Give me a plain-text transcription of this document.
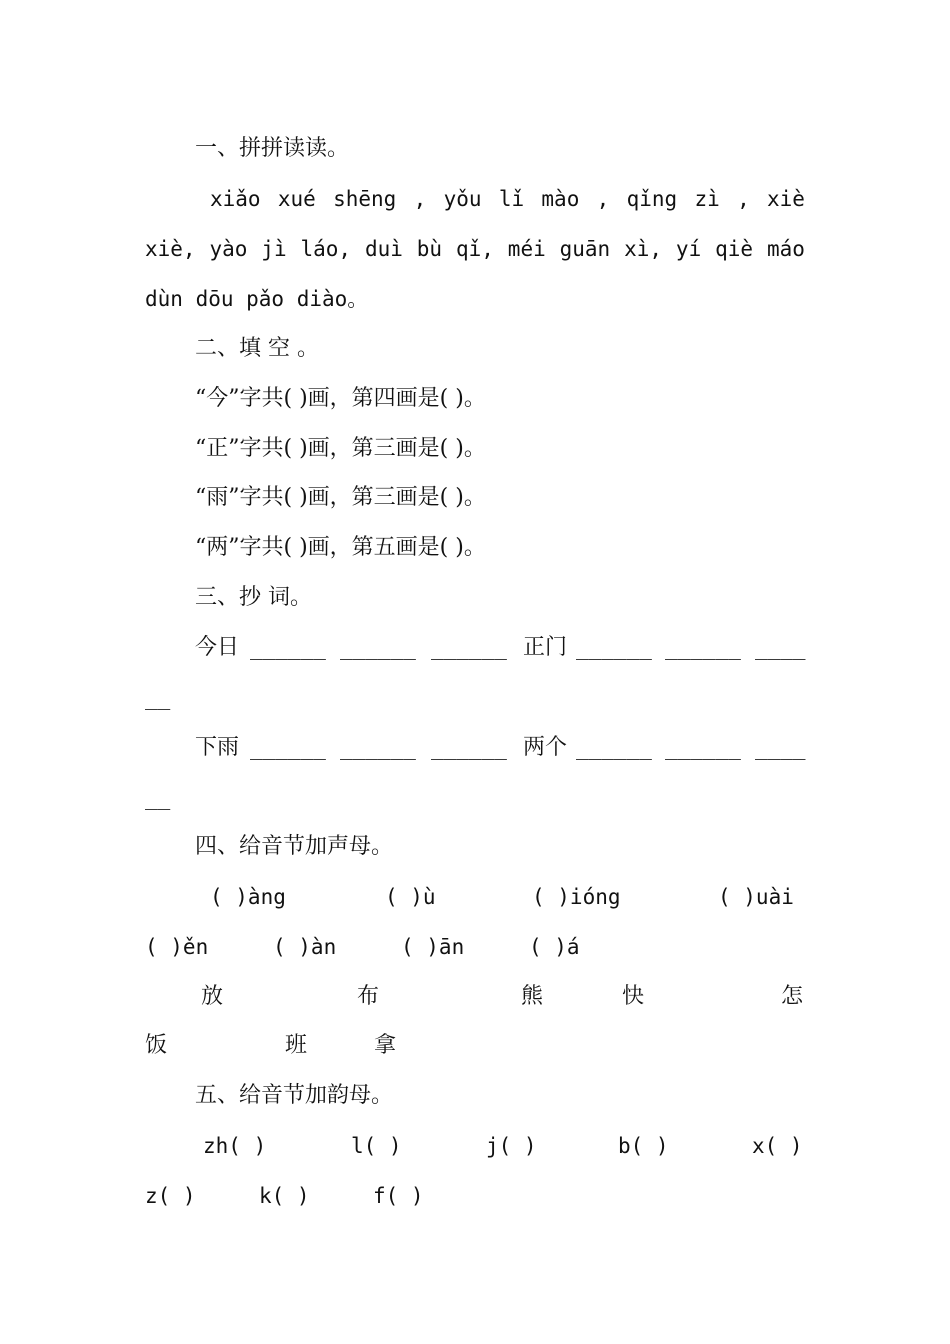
一、拼拼读读。
xiǎo xué shēng , yǒu lǐ mào , qǐng zì , xiè
xiè, yào jì láo, duì bù qǐ, méi guān xì, yí qiè máo
dùn dōu pǎo diào。
二、填 空 。
“今”字共( )画，第四画是( )。
“正”字共( )画，第三画是( )。
“雨”字共( )画，第三画是( )。
“两”字共( )画，第五画是( )。
三、抄 词。
今日 ______ ______ ______ 正门 ______ ______ ____
__
下雨 ______ ______ ______ 两个 ______ ______ ____
__
四、给音节加声母。
( )àng	( )ù	( )ióng	( )uài
( )ěn	( )àn	( )ān	( )á
放	布	熊	快	怎
饭	班	拿
五、给音节加韵母。
zh( )	l( )	j( )	b( )	x( )
z( )	k( )	f( )
